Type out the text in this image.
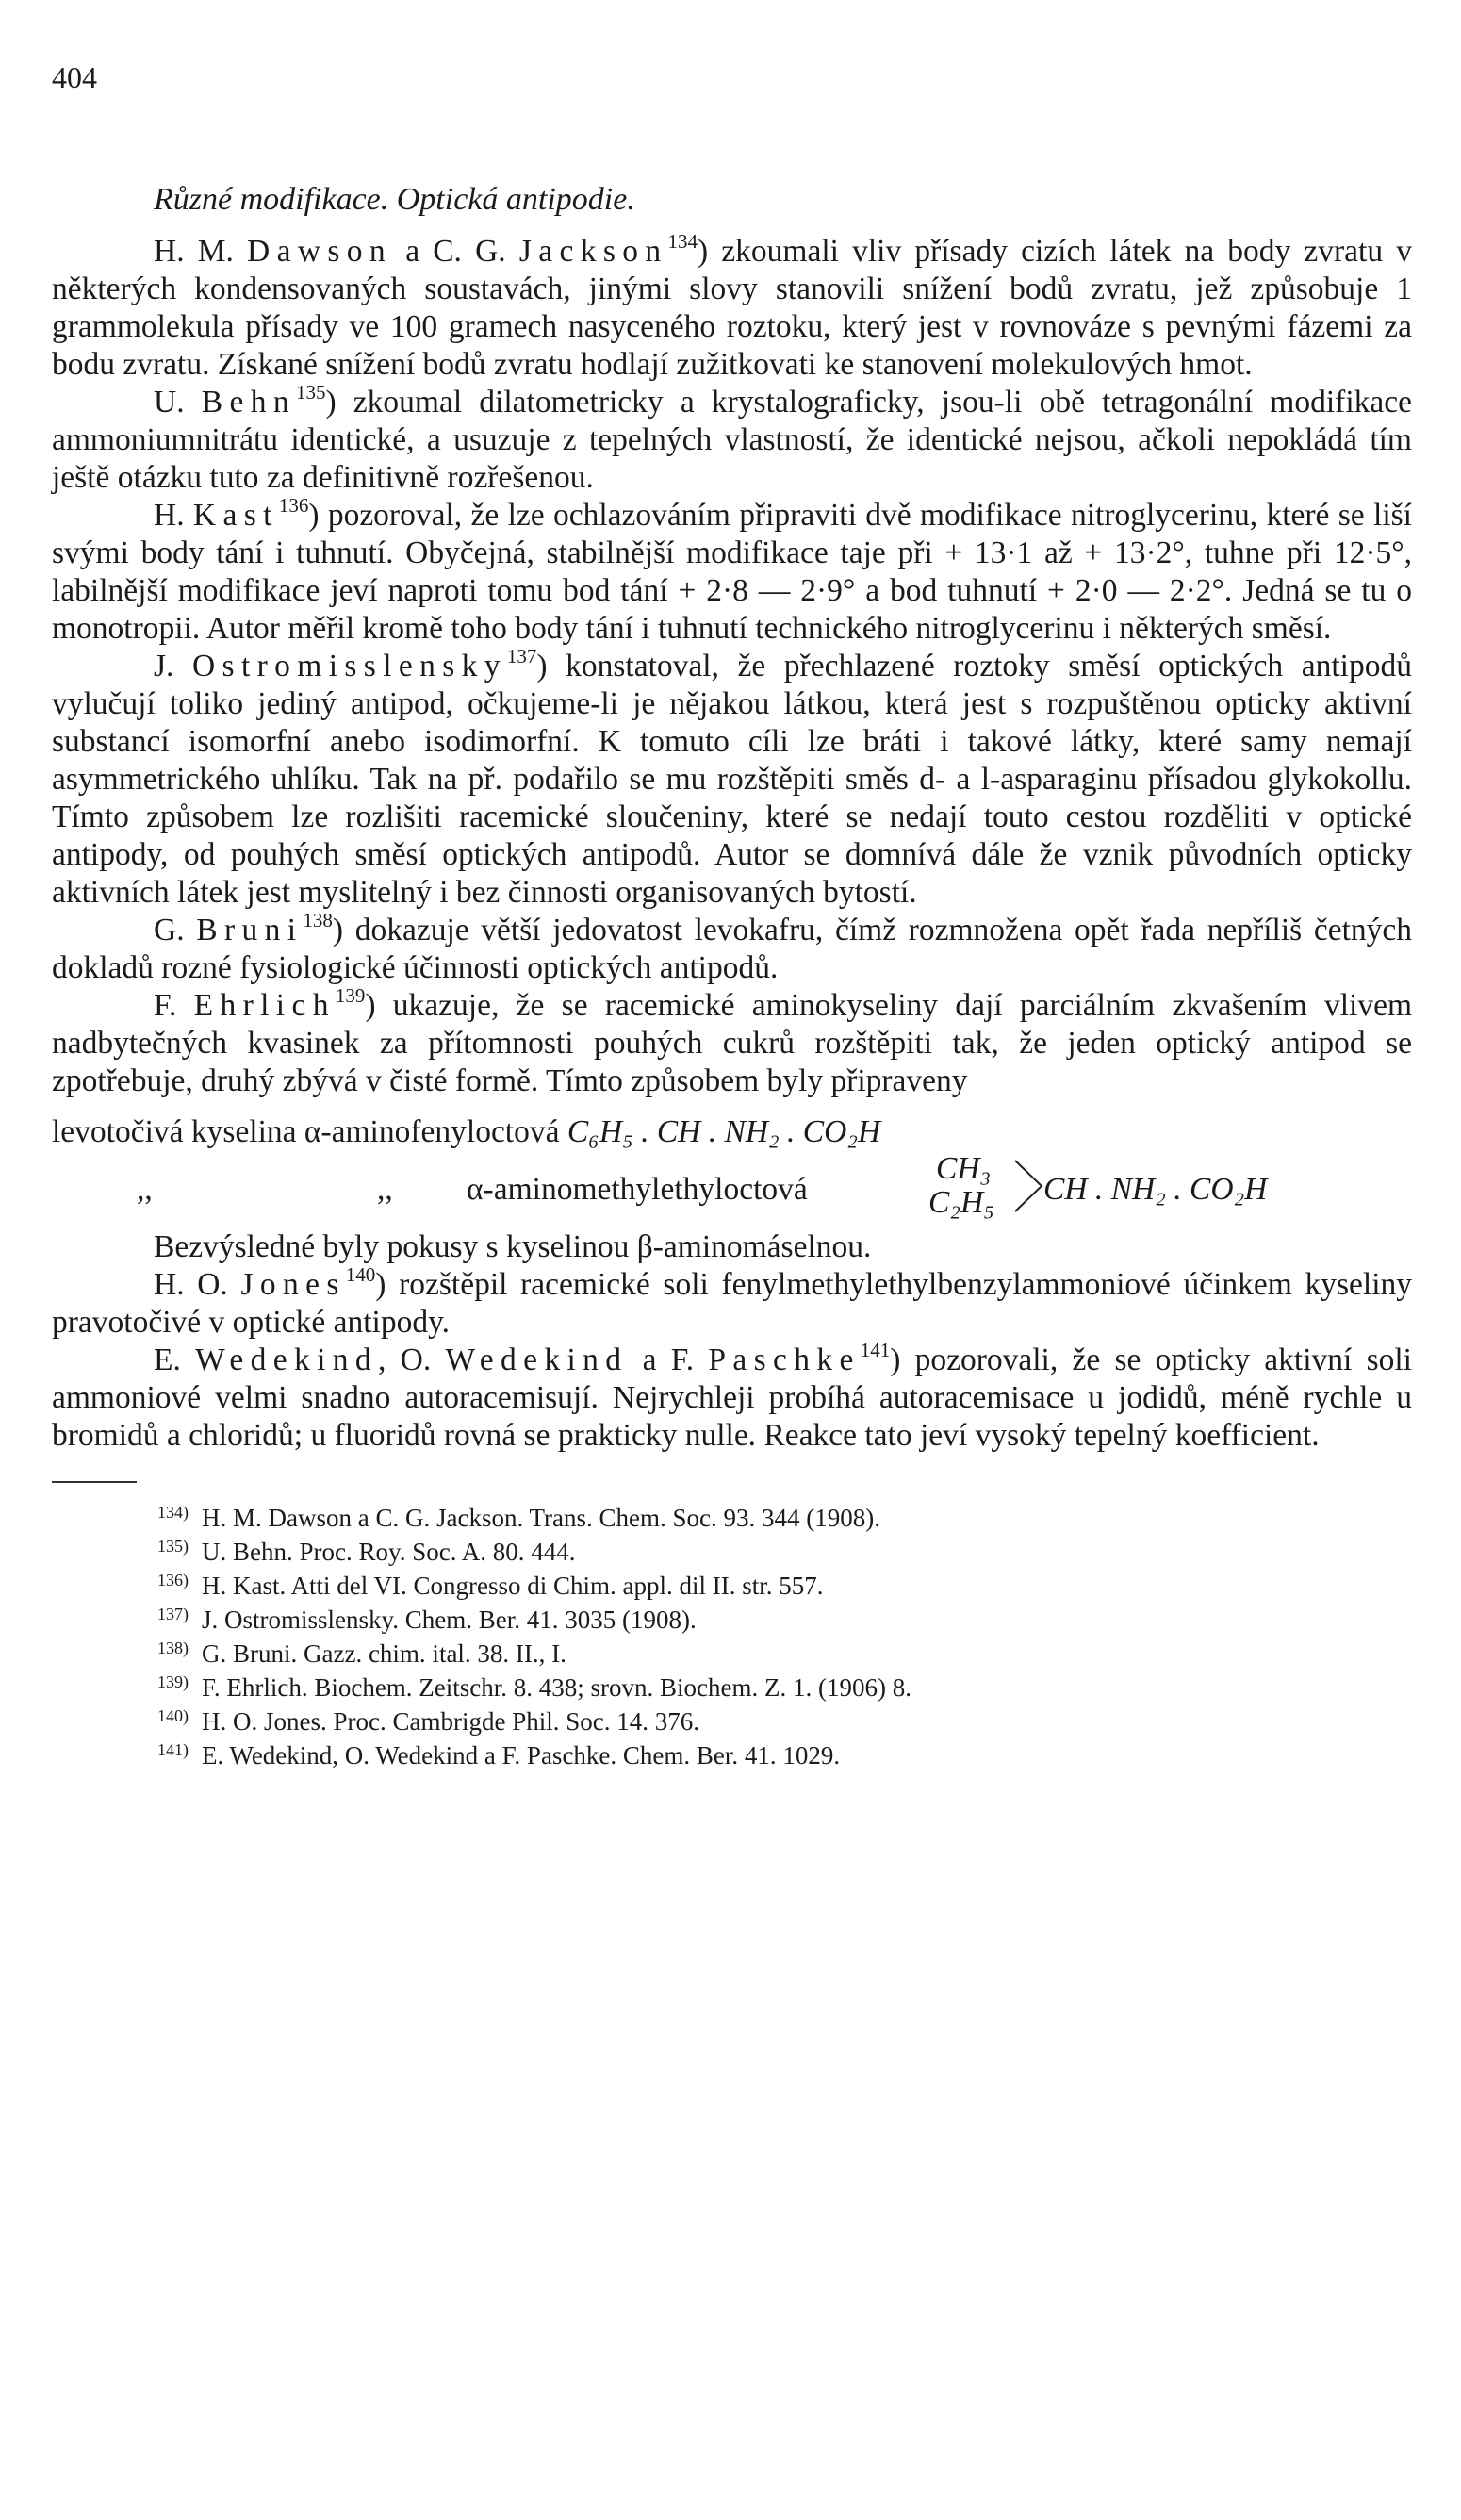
404
Různé modifikace. Optická antipodie.

H. M. Dawson a C. G. Jackson$^{134}$) zkoumali vliv přísady cizích látek na body zvratu v některých kondensovaných soustavách, jinými slovy stanovili snížení bodů zvratu, jež způsobuje 1 grammolekula přísady ve 100 gramech nasyceného roztoku, který jest v rovnováze s pevnými fázemi za bodu zvratu. Získané snížení bodů zvratu hodlají zužitkovati ke stanovení molekulových hmot.

U. Behn$^{135}$) zkoumal dilatometricky a krystalograficky, jsou-li obě tetragonální modifikace ammoniumnitrátu identické, a usuzuje z tepelných vlastností, že identické nejsou, ačkoli nepokládá tím ještě otázku tuto za definitivně rozřešenou.

H. Kast$^{136}$) pozoroval, že lze ochlazováním připraviti dvě modifikace nitroglycerinu, které se liší svými body tání i tuhnutí. Obyčejná, stabilnější modifikace taje při + 13·1 až + 13·2°, tuhne při 12·5°, labilnější modifikace jeví naproti tomu bod tání + 2·8 — 2·9° a bod tuhnutí + 2·0 — 2·2°. Jedná se tu o monotropii. Autor měřil kromě toho body tání i tuhnutí technického nitroglycerinu i některých směsí.

J. Ostromisslensky$^{137}$) konstatoval, že přechlazené roztoky směsí optických antipodů vylučují toliko jediný antipod, očkujeme-li je nějakou látkou, která jest s rozpuštěnou opticky aktivní substancí isomorfní anebo isodimorfní. K tomuto cíli lze bráti i takové látky, které samy nemají asymmetrického uhlíku. Tak na př. podařilo se mu rozštěpiti směs d- a l-asparaginu přísadou glykokollu. Tímto způsobem lze rozlišiti racemické sloučeniny, které se nedají touto cestou rozděliti v optické antipody, od pouhých směsí optických antipodů. Autor se domnívá dále že vznik původních opticky aktivních látek jest myslitelný i bez činnosti organisovaných bytostí.

G. Bruni$^{138}$) dokazuje větší jedovatost levokafru, čímž rozmnožena opět řada nepříliš četných dokladů rozné fysiologické účinnosti optických antipodů.

F. Ehrlich$^{139}$) ukazuje, že se racemické aminokyseliny dají parciálním zkvašením vlivem nadbytečných kvasinek za přítomnosti pouhých cukrů rozštěpiti tak, že jeden optický antipod se zpotřebuje, druhý zbývá v čisté formě. Tímto způsobem byly připraveny

levotočivá kyselina α-aminofenyloctová C₆H₅ . CH . NH₂ . CO₂H
,,	,, α-aminomethylethyloctová
CH₃
C₂H₅ CH . NH₂ . CO₂H

Bezvýsledné byly pokusy s kyselinou β-aminomáselnou.

H. O. Jones$^{140}$) rozštěpil racemické soli fenylmethylethylbenzylammoniové účinkem kyseliny pravotočivé v optické antipody.

E. Wedekind, O. Wedekind a F. Paschke$^{141}$) pozorovali, že se opticky aktivní soli ammoniové velmi snadno autoracemisují. Nejrychleji probíhá autoracemisace u jodidů, méně rychle u bromidů a chloridů; u fluoridů rovná se prakticky nulle. Reakce tato jeví vysoký tepelný koefficient.

134) H. M. Dawson a C. G. Jackson. Trans. Chem. Soc. 93. 344 (1908).
135) U. Behn. Proc. Roy. Soc. A. 80. 444.
136) H. Kast. Atti del VI. Congresso di Chim. appl. dil II. str. 557.
137) J. Ostromisslensky. Chem. Ber. 41. 3035 (1908).
138) G. Bruni. Gazz. chim. ital. 38. II., I.
139) F. Ehrlich. Biochem. Zeitschr. 8. 438; srovn. Biochem. Z. 1. (1906) 8.
140) H. O. Jones. Proc. Cambrigde Phil. Soc. 14. 376.
141) E. Wedekind, O. Wedekind a F. Paschke. Chem. Ber. 41. 1029.
